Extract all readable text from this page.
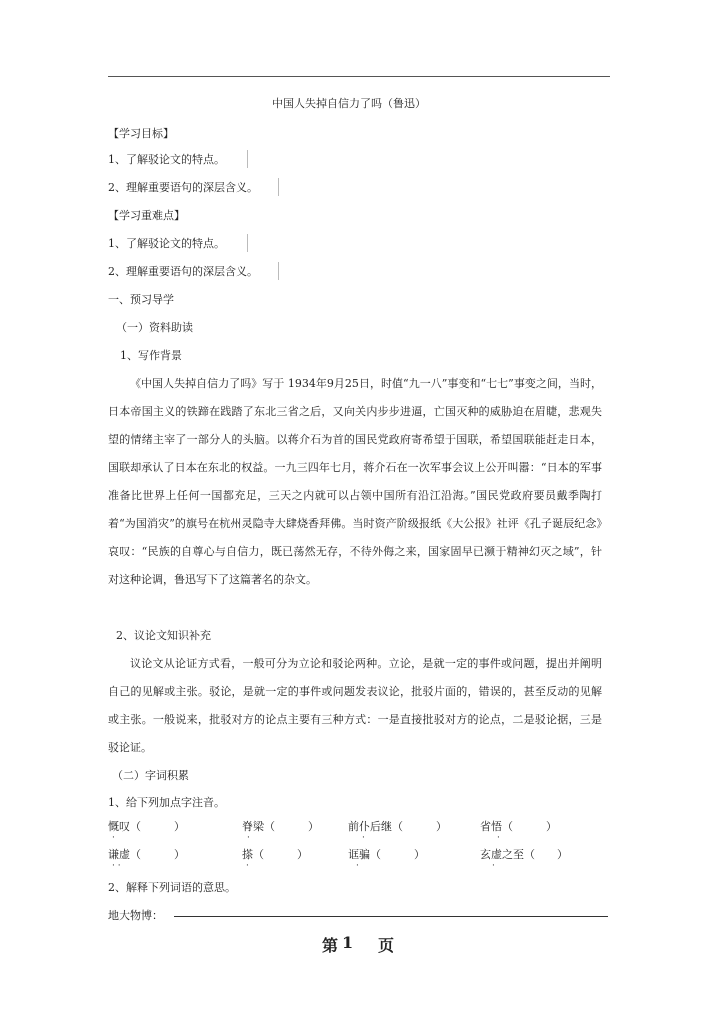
中国人失掉自信力了吗（鲁迅）
【学习目标】
1、了解驳论文的特点。
2、理解重要语句的深层含义。
【学习重难点】
1、了解驳论文的特点。
2、理解重要语句的深层含义。
一、预习导学
（一）资料助读
1、写作背景

《中国人失掉自信力了吗》写于 1934年9月25日，时值“九一八”事变和“七七”事变之间，当时，日本帝国主义的铁蹄在践踏了东北三省之后，又向关内步步进逼，亡国灭种的威胁迫在眉睫，悲观失望的情绪主宰了一部分人的头脑。以蒋介石为首的国民党政府寄希望于国联，希望国联能赶走日本，国联却承认了日本在东北的权益。一九三四年七月，蒋介石在一次军事会议上公开叫嚣：“日本的军事准备比世界上任何一国都充足，三天之内就可以占领中国所有沿江沿海。”国民党政府要员戴季陶打着“为国消灾”的旗号在杭州灵隐寺大肆烧香拜佛。当时资产阶级报纸《大公报》社评《孔子诞辰纪念》哀叹：“民族的自尊心与自信力，既已荡然无存，不待外侮之来，国家固早已濒于精神幻灭之域”，针对这种论调，鲁迅写下了这篇著名的杂文。

2、议论文知识补充

议论文从论证方式看，一般可分为立论和驳论两种。立论，是就一定的事件或问题，提出并阐明自己的见解或主张。驳论，是就一定的事件或问题发表议论，批驳片面的，错误的，甚至反动的见解或主张。一般说来，批驳对方的论点主要有三种方式：一是直接批驳对方的论点，二是驳论据，三是驳论证。

（二）字词积累
1、给下列加点字注音。
慨叹（　　　）	脊梁（　　　）	前仆后继（　　　）	省悟（　　　）
·	·	·	·
谦虚（　　　）	搽（　　　）	诓骗（　　　）	玄虚之至（　　）
· ·	·	·	·
2、解释下列词语的意思。
地大物博：
第 1 页
